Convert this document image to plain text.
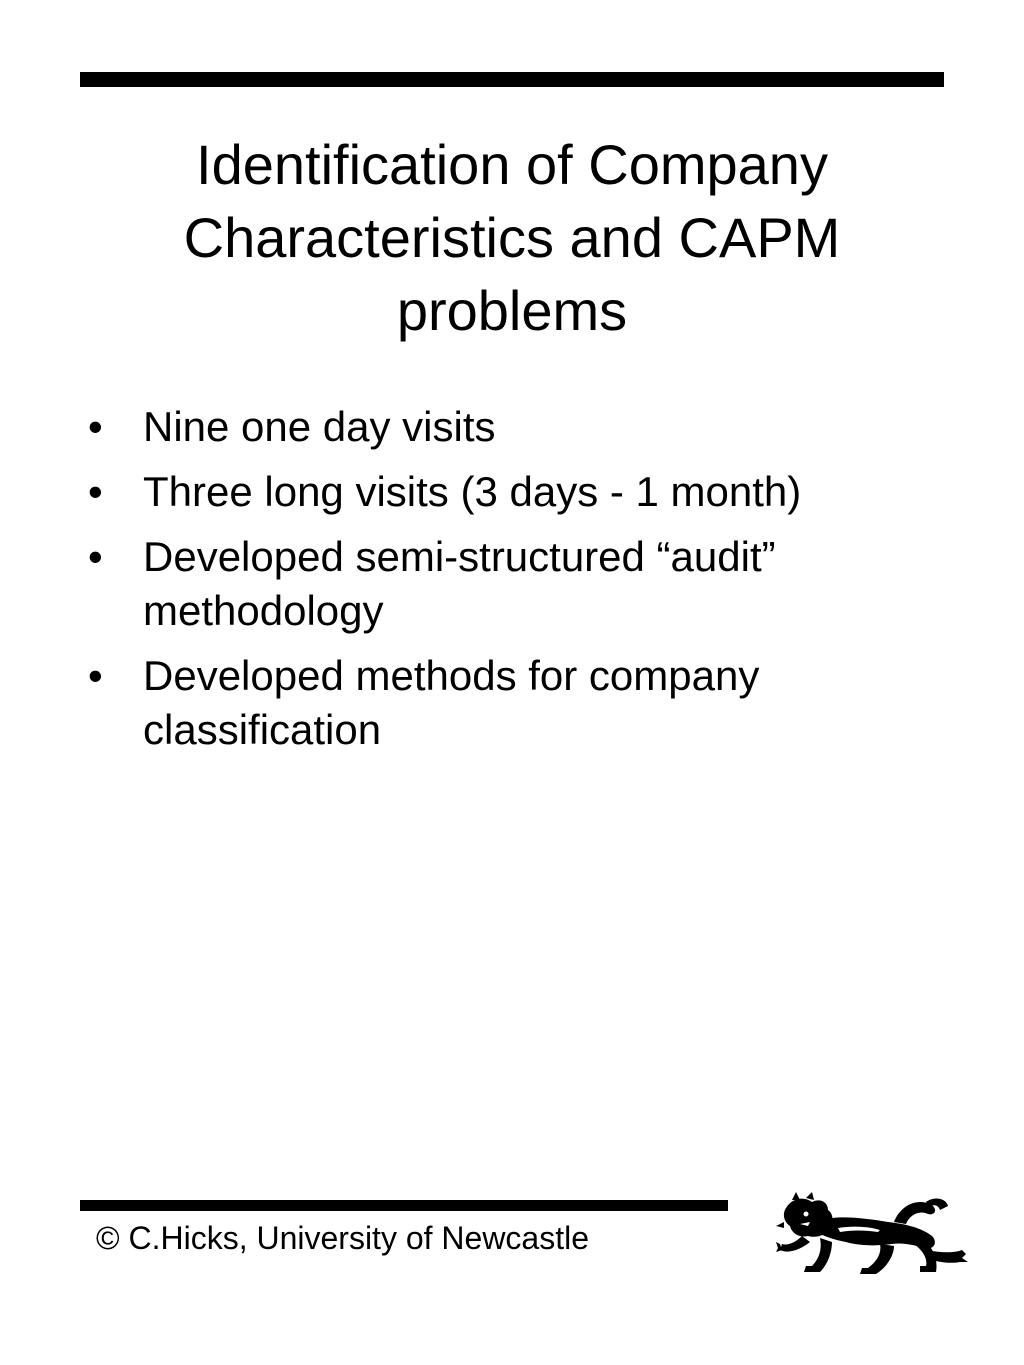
Identification of Company
Characteristics and CAPM
problems
• Nine one day visits
• Three long visits (3 days - 1 month)
• Developed semi-structured “audit”
methodology
• Developed methods for company
classification
© C.Hicks, University of Newcastle
